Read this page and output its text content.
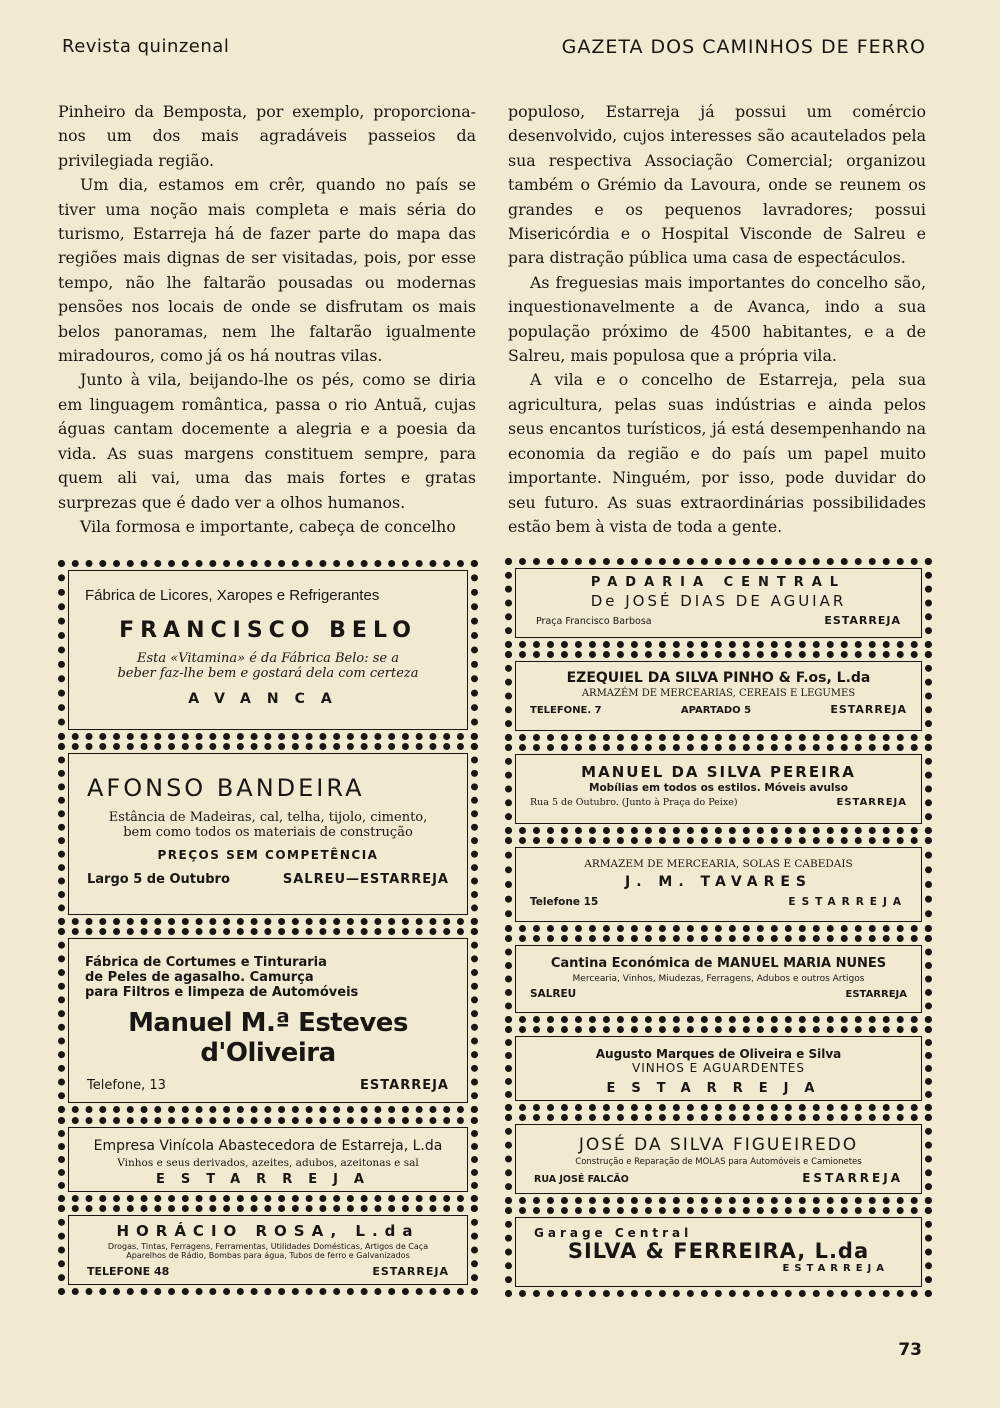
Revista quinzenal	GAZETA DOS CAMINHOS DE FERRO

Pinheiro da Bemposta, por exemplo, proporciona-nos um dos mais agradáveis passeios da privilegiada região.

Um dia, estamos em crêr, quando no país se tiver uma noção mais completa e mais séria do turismo, Estarreja há de fazer parte do mapa das regiões mais dignas de ser visitadas, pois, por esse tempo, não lhe faltarão pousadas ou modernas pensões nos locais de onde se disfrutam os mais belos panoramas, nem lhe faltarão igualmente miradouros, como já os há noutras vilas.

Junto à vila, beijando-lhe os pés, como se diria em linguagem romântica, passa o rio Antuã, cujas águas cantam docemente a alegria e a poesia da vida. As suas margens constituem sempre, para quem ali vai, uma das mais fortes e gratas surprezas que é dado ver a olhos humanos.

Vila formosa e importante, cabeça de concelho

populoso, Estarreja já possui um comércio desenvolvido, cujos interesses são acautelados pela sua respectiva Associação Comercial; organizou também o Grémio da Lavoura, onde se reunem os grandes e os pequenos lavradores; possui Misericórdia e o Hospital Visconde de Salreu e para distração pública uma casa de espectáculos.

As freguesias mais importantes do concelho são, inquestionavelmente a de Avanca, indo a sua população próximo de 4500 habitantes, e a de Salreu, mais populosa que a própria vila.

A vila e o concelho de Estarreja, pela sua agricultura, pelas suas indústrias e ainda pelos seus encantos turísticos, já está desempenhando na economia da região e do país um papel muito importante. Ninguém, por isso, pode duvidar do seu futuro. As suas extraordinárias possibilidades estão bem à vista de toda a gente.

Fábrica de Licores, Xaropes e Refrigerantes
FRANCISCO BELO
Esta «Vitamina» é da Fábrica Belo: se a
beber faz-lhe bem e gostará dela com certeza
AVANCA
AFONSO BANDEIRA
Estância de Madeiras, cal, telha, tijolo, cimento,
bem como todos os materiais de construção
PREÇOS SEM COMPETÊNCIA
Largo 5 de Outubro	SALREU—ESTARREJA
Fábrica de Cortumes e Tinturaria
de Peles de agasalho. Camurça
para Filtros e limpeza de Automóveis
Manuel M.ª Esteves d'Oliveira
Telefone, 13	ESTARREJA
Empresa Vinícola Abastecedora de Estarreja, L.da
Vinhos e seus derivados, azeites, adubos, azeitonas e sal
ESTARREJA
HORÁCIO ROSA, L.da
Drogas, Tintas, Ferragens, Ferramentas, Utilidades Domésticas, Artigos de Caça
Aparelhos de Rádio, Bombas para água, Tubos de ferro e Galvanizados
TELEFONE 48	ESTARREJA
PADARIA CENTRAL
De JOSÉ DIAS DE AGUIAR
Praça Francisco Barbosa	ESTARREJA
EZEQUIEL DA SILVA PINHO & F.os, L.da
ARMAZÉM DE MERCEARIAS, CEREAIS E LEGUMES
TELEFONE. 7	APARTADO 5	ESTARREJA
MANUEL DA SILVA PEREIRA
Mobílias em todos os estilos. Móveis avulso
Rua 5 de Outubro. (Junto à Praça do Peixe)	ESTARREJA
ARMAZEM DE MERCEARIA, SOLAS E CABEDAIS
J. M. TAVARES
Telefone 15	ESTARREJA
Cantina Económica de MANUEL MARIA NUNES
Mercearia, Vinhos, Miudezas, Ferragens, Adubos e outros Artigos
SALREU	ESTARREJA
Augusto Marques de Oliveira e Silva
VINHOS E AGUARDENTES
ESTARREJA
JOSÉ DA SILVA FIGUEIREDO
Construção e Reparação de MOLAS para Automóveis e Camionetes
RUA JOSÉ FALCÃO	ESTARREJA
Garage Central
SILVA & FERREIRA, L.da
ESTARREJA
73
